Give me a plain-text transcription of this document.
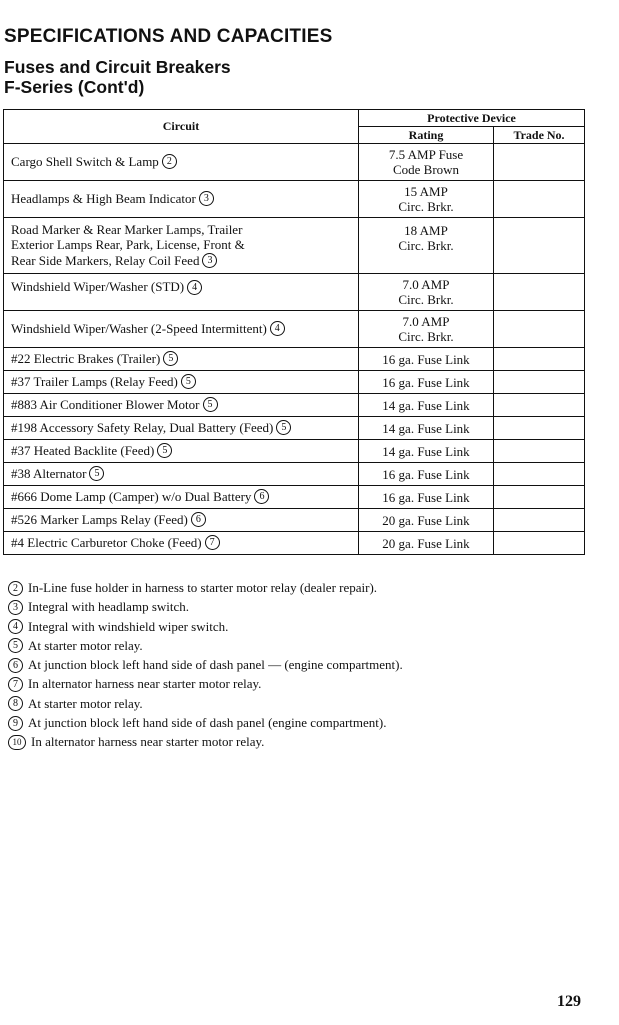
SPECIFICATIONS AND CAPACITIES
Fuses and Circuit Breakers
F-Series (Cont'd)
Circuit	Protective Device	
	Rating	Trade No.
Cargo Shell Switch & Lamp 2	7.5 AMP Fuse
Code Brown	
Headlamps & High Beam Indicator 3	15 AMP
Circ. Brkr.	
Road Marker & Rear Marker Lamps, Trailer
Exterior Lamps Rear, Park, License, Front &
Rear Side Markers, Relay Coil Feed 3	18 AMP
Circ. Brkr.	
Windshield Wiper/Washer (STD) 4	7.0 AMP
Circ. Brkr.	
Windshield Wiper/Washer (2-Speed Intermittent) 4	7.0 AMP
Circ. Brkr.	
#22 Electric Brakes (Trailer) 5	16 ga. Fuse Link	
#37 Trailer Lamps (Relay Feed) 5	16 ga. Fuse Link	
#883 Air Conditioner Blower Motor 5	14 ga. Fuse Link	
#198 Accessory Safety Relay, Dual Battery (Feed) 5	14 ga. Fuse Link	
#37 Heated Backlite (Feed) 5	14 ga. Fuse Link	
#38 Alternator 5	16 ga. Fuse Link	
#666 Dome Lamp (Camper) w/o Dual Battery 6	16 ga. Fuse Link	
#526 Marker Lamps Relay (Feed) 6	20 ga. Fuse Link	
#4 Electric Carburetor Choke (Feed) 7	20 ga. Fuse Link	
2 In-Line fuse holder in harness to starter motor relay (dealer repair).
3 Integral with headlamp switch.
4 Integral with windshield wiper switch.
5 At starter motor relay.
6 At junction block left hand side of dash panel — (engine compartment).
7 In alternator harness near starter motor relay.
8 At starter motor relay.
9 At junction block left hand side of dash panel (engine compartment).
10 In alternator harness near starter motor relay.
129
